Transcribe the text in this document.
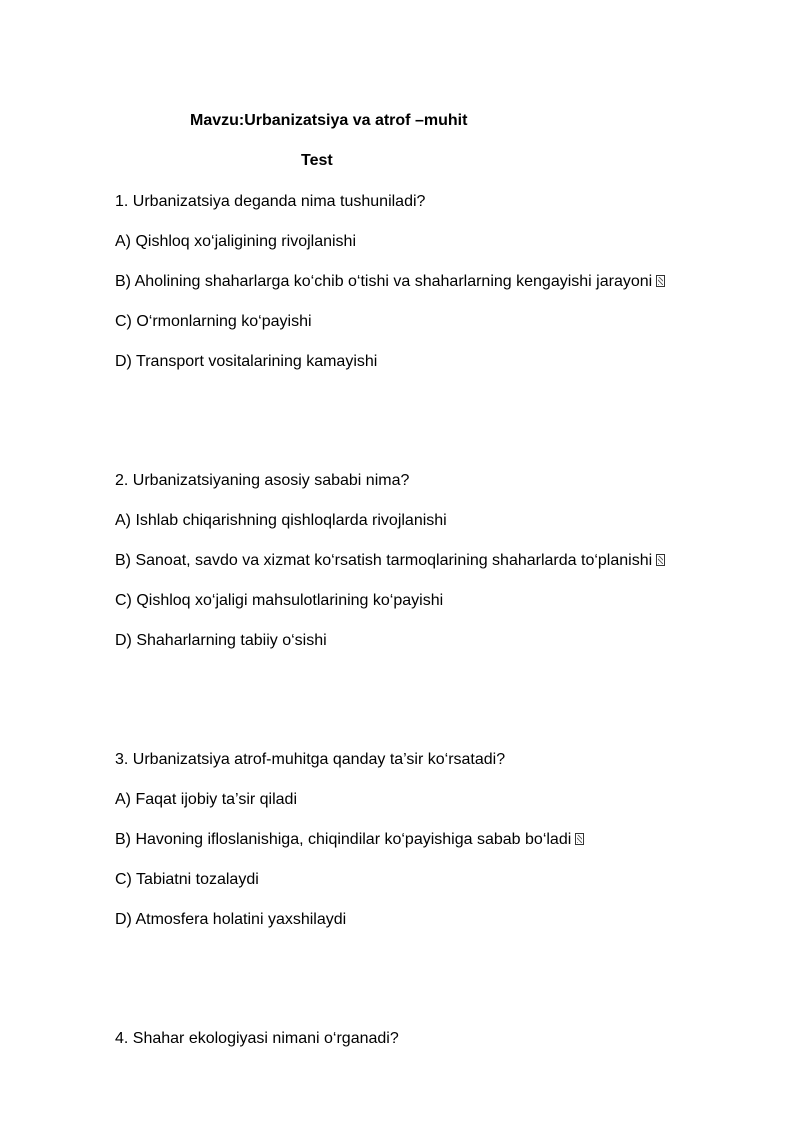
Mavzu:Urbanizatsiya va atrof –muhit
Test
1. Urbanizatsiya deganda nima tushuniladi?
A) Qishloq xo‘jaligining rivojlanishi
B) Aholining shaharlarga ko‘chib o‘tishi va shaharlarning kengayishi jarayoni
C) O‘rmonlarning ko‘payishi
D) Transport vositalarining kamayishi
2. Urbanizatsiyaning asosiy sababi nima?
A) Ishlab chiqarishning qishloqlarda rivojlanishi
B) Sanoat, savdo va xizmat ko‘rsatish tarmoqlarining shaharlarda to‘planishi
C) Qishloq xo‘jaligi mahsulotlarining ko‘payishi
D) Shaharlarning tabiiy o‘sishi
3. Urbanizatsiya atrof-muhitga qanday ta’sir ko‘rsatadi?
A) Faqat ijobiy ta’sir qiladi
B) Havoning ifloslanishiga, chiqindilar ko‘payishiga sabab bo‘ladi
C) Tabiatni tozalaydi
D) Atmosfera holatini yaxshilaydi
4. Shahar ekologiyasi nimani o‘rganadi?
